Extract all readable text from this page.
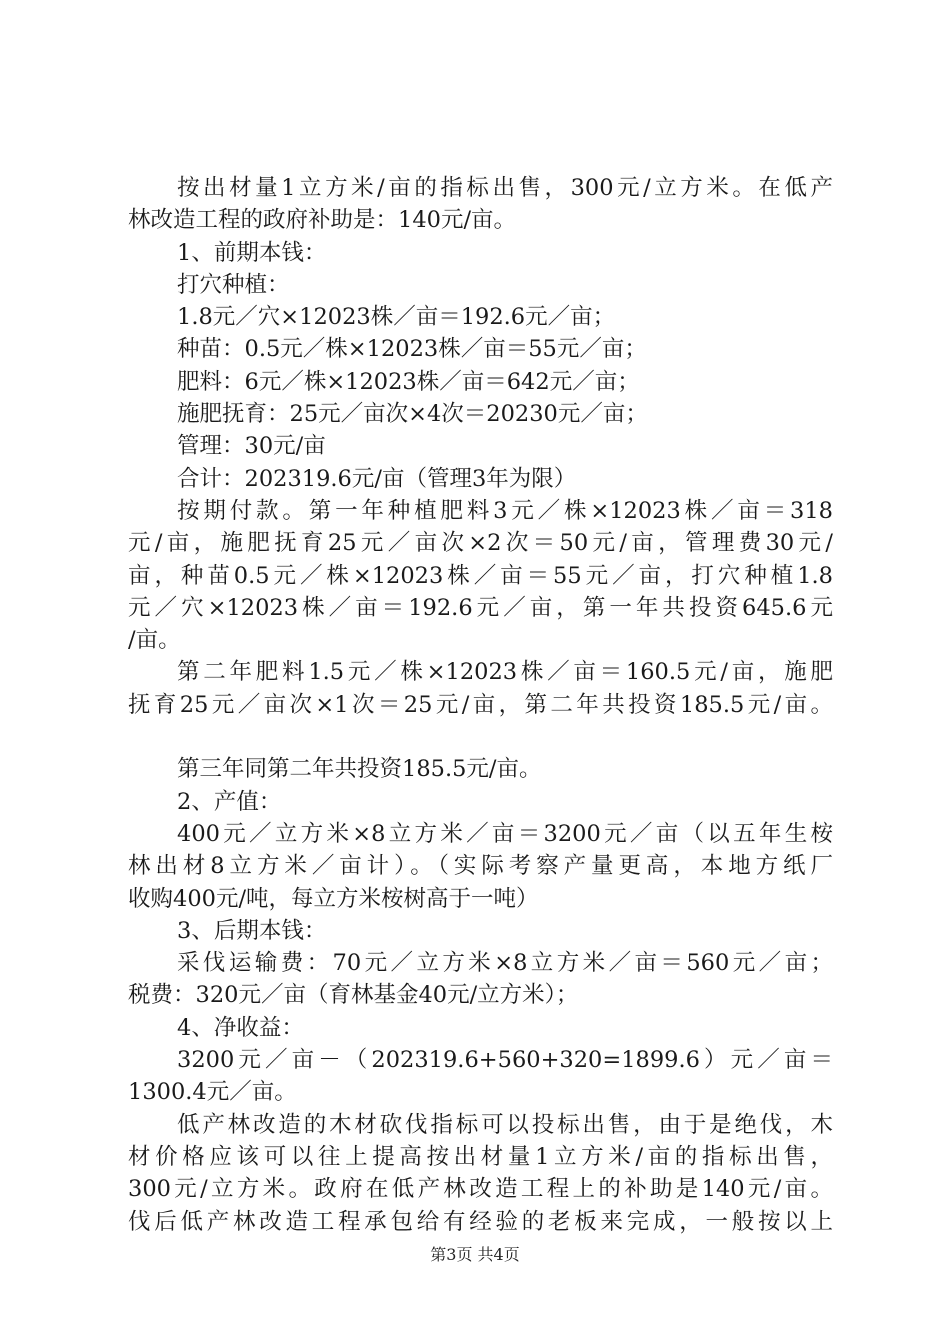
按出材量1立方米/亩的指标出售，300元/立方米。在低产
林改造工程的政府补助是：140元/亩。
1、前期本钱：
打穴种植：
1.8元／穴×12023株／亩＝192.6元／亩；
种苗：0.5元／株×12023株／亩＝55元／亩；
肥料：6元／株×12023株／亩＝642元／亩；
施肥抚育：25元／亩次×4次＝20230元／亩；
管理：30元/亩
合计：202319.6元/亩（管理3年为限）
按期付款。第一年种植肥料3元／株×12023株／亩＝318
元/亩，施肥抚育25元／亩次×2次＝50元/亩，管理费30元/
亩，种苗0.5元／株×12023株／亩＝55元／亩，打穴种植1.8
元／穴×12023株／亩＝192.6元／亩，第一年共投资645.6元
/亩。
第二年肥料1.5元／株×12023株／亩＝160.5元/亩，施肥
抚育25元／亩次×1次＝25元/亩，第二年共投资185.5元/亩。
第三年同第二年共投资185.5元/亩。
2、产值：
400元／立方米×8立方米／亩＝3200元／亩（以五年生桉
林出材8立方米／亩计）。（实际考察产量更高，本地方纸厂
收购400元/吨，每立方米桉树高于一吨）
3、后期本钱：
采伐运输费：70元／立方米×8立方米／亩＝560元／亩；
税费：320元／亩（育林基金40元/立方米）；
4、净收益：
3200元／亩－（202319.6+560+320=1899.6）元／亩＝
1300.4元／亩。
低产林改造的木材砍伐指标可以投标出售，由于是绝伐，木
材价格应该可以往上提高按出材量1立方米/亩的指标出售，
300元/立方米。政府在低产林改造工程上的补助是140元/亩。
伐后低产林改造工程承包给有经验的老板来完成，一般按以上
第3页 共4页
